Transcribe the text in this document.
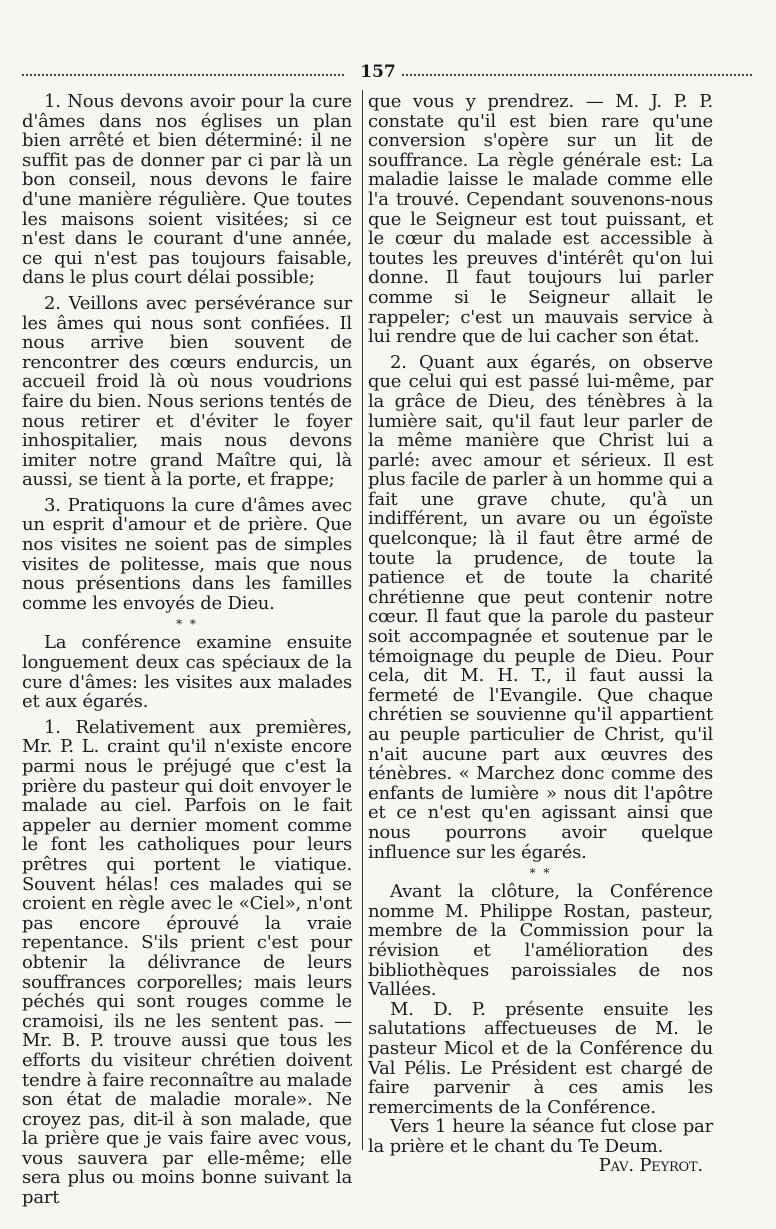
157

1. Nous devons avoir pour la cure d'âmes dans nos églises un plan bien arrêté et bien déterminé: il ne suffit pas de donner par ci par là un bon conseil, nous devons le faire d'une manière régulière. Que toutes les maisons soient visitées; si ce n'est dans le courant d'une année, ce qui n'est pas toujours faisable, dans le plus court délai possible;

2. Veillons avec persévérance sur les âmes qui nous sont confiées. Il nous arrive bien souvent de rencontrer des cœurs endurcis, un accueil froid là où nous voudrions faire du bien. Nous serions tentés de nous retirer et d'éviter le foyer inhospitalier, mais nous devons imiter notre grand Maître qui, là aussi, se tient à la porte, et frappe;

3. Pratiquons la cure d'âmes avec un esprit d'amour et de prière. Que nos visites ne soient pas de simples visites de politesse, mais que nous nous présentions dans les familles comme les envoyés de Dieu.

* *

La conférence examine ensuite longuement deux cas spéciaux de la cure d'âmes: les visites aux malades et aux égarés.

1. Relativement aux premières, Mr. P. L. craint qu'il n'existe encore parmi nous le préjugé que c'est la prière du pasteur qui doit envoyer le malade au ciel. Parfois on le fait appeler au dernier moment comme le font les catholiques pour leurs prêtres qui portent le viatique. Souvent hélas! ces malades qui se croient en règle avec le «Ciel», n'ont pas encore éprouvé la vraie repentance. S'ils prient c'est pour obtenir la délivrance de leurs souffrances corporelles; mais leurs péchés qui sont rouges comme le cramoisi, ils ne les sentent pas. — Mr. B. P. trouve aussi que tous les efforts du visiteur chrétien doivent tendre à faire reconnaître au malade son état de maladie morale». Ne croyez pas, dit-il à son malade, que la prière que je vais faire avec vous, vous sauvera par elle-même; elle sera plus ou moins bonne suivant la part

que vous y prendrez. — M. J. P. P. constate qu'il est bien rare qu'une conversion s'opère sur un lit de souffrance. La règle générale est: La maladie laisse le malade comme elle l'a trouvé. Cependant souvenons-nous que le Seigneur est tout puissant, et le cœur du malade est accessible à toutes les preuves d'intérêt qu'on lui donne. Il faut toujours lui parler comme si le Seigneur allait le rappeler; c'est un mauvais service à lui rendre que de lui cacher son état.

2. Quant aux égarés, on observe que celui qui est passé lui-même, par la grâce de Dieu, des ténèbres à la lumière sait, qu'il faut leur parler de la même manière que Christ lui a parlé: avec amour et sérieux. Il est plus facile de parler à un homme qui a fait une grave chute, qu'à un indifférent, un avare ou un égoïste quelconque; là il faut être armé de toute la prudence, de toute la patience et de toute la charité chrétienne que peut contenir notre cœur. Il faut que la parole du pasteur soit accompagnée et soutenue par le témoignage du peuple de Dieu. Pour cela, dit M. H. T., il faut aussi la fermeté de l'Evangile. Que chaque chrétien se souvienne qu'il appartient au peuple particulier de Christ, qu'il n'ait aucune part aux œuvres des ténèbres. « Marchez donc comme des enfants de lumière » nous dit l'apôtre et ce n'est qu'en agissant ainsi que nous pourrons avoir quelque influence sur les égarés.

* *

Avant la clôture, la Conférence nomme M. Philippe Rostan, pasteur, membre de la Commission pour la révision et l'amélioration des bibliothèques paroissiales de nos Vallées.

M. D. P. présente ensuite les salutations affectueuses de M. le pasteur Micol et de la Conférence du Val Pélis. Le Président est chargé de faire parvenir à ces amis les remerciments de la Conférence.

Vers 1 heure la séance fut close par la prière et le chant du Te Deum.

Pav. Peyrot.
